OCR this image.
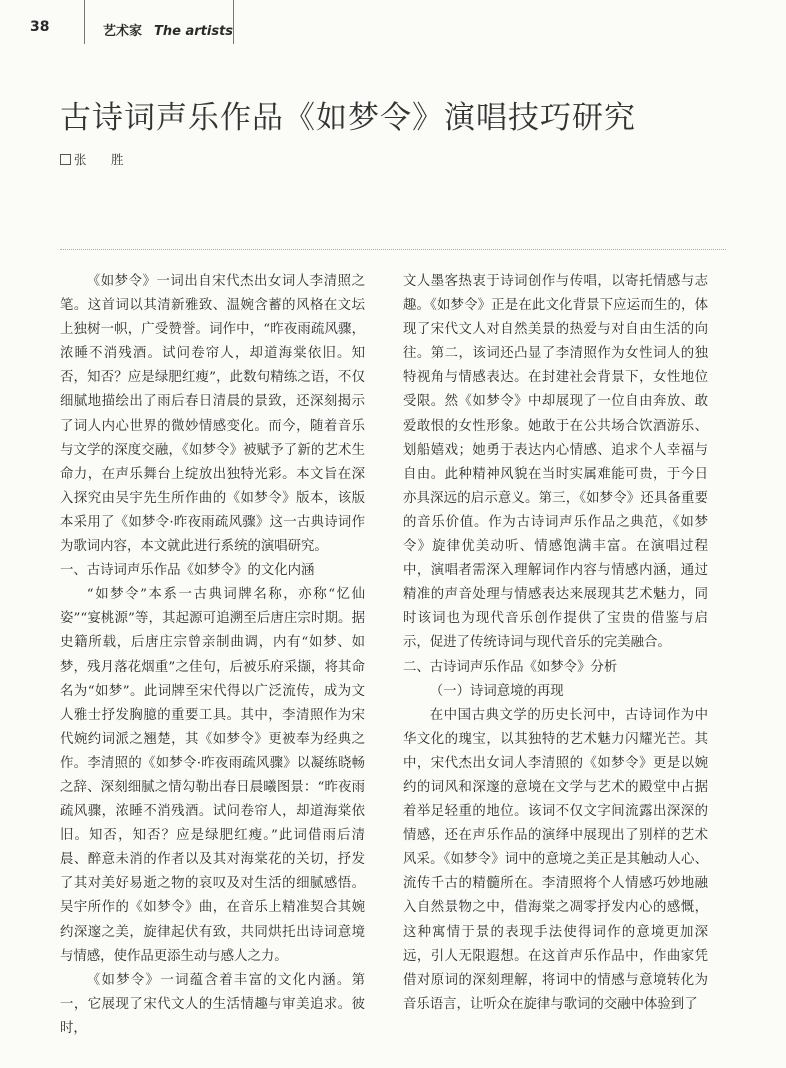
38	艺术家 The artists
古诗词声乐作品《如梦令》演唱技巧研究
张　胜

《如梦令》一词出自宋代杰出女词人李清照之笔。这首词以其清新雅致、温婉含蓄的风格在文坛上独树一帜，广受赞誉。词作中，“昨夜雨疏风骤，浓睡不消残酒。试问卷帘人，却道海棠依旧。知否，知否？应是绿肥红瘦”，此数句精练之语，不仅细腻地描绘出了雨后春日清晨的景致，还深刻揭示了词人内心世界的微妙情感变化。而今，随着音乐与文学的深度交融，《如梦令》被赋予了新的艺术生命力，在声乐舞台上绽放出独特光彩。本文旨在深入探究由吴宇先生所作曲的《如梦令》版本，该版本采用了《如梦令·昨夜雨疏风骤》这一古典诗词作为歌词内容，本文就此进行系统的演唱研究。

一、古诗词声乐作品《如梦令》的文化内涵

“如梦令”本系一古典词牌名称，亦称“忆仙姿”“宴桃源”等，其起源可追溯至后唐庄宗时期。据史籍所载，后唐庄宗曾亲制曲调，内有“如梦、如梦，残月落花烟重”之佳句，后被乐府采撷，将其命名为“如梦”。此词牌至宋代得以广泛流传，成为文人雅士抒发胸臆的重要工具。其中，李清照作为宋代婉约词派之翘楚，其《如梦令》更被奉为经典之作。李清照的《如梦令·昨夜雨疏风骤》以凝练晓畅之辞、深刻细腻之情勾勒出春日晨曦图景：“昨夜雨疏风骤，浓睡不消残酒。试问卷帘人，却道海棠依旧。知否，知否？应是绿肥红瘦。”此词借雨后清晨、醉意未消的作者以及其对海棠花的关切，抒发了其对美好易逝之物的哀叹及对生活的细腻感悟。吴宇所作的《如梦令》曲，在音乐上精准契合其婉约深邃之美，旋律起伏有致，共同烘托出诗词意境与情感，使作品更添生动与感人之力。

《如梦令》一词蕴含着丰富的文化内涵。第一，它展现了宋代文人的生活情趣与审美追求。彼时，

文人墨客热衷于诗词创作与传唱，以寄托情感与志趣。《如梦令》正是在此文化背景下应运而生的，体现了宋代文人对自然美景的热爱与对自由生活的向往。第二，该词还凸显了李清照作为女性词人的独特视角与情感表达。在封建社会背景下，女性地位受限。然《如梦令》中却展现了一位自由奔放、敢爱敢恨的女性形象。她敢于在公共场合饮酒游乐、划船嬉戏；她勇于表达内心情感、追求个人幸福与自由。此种精神风貌在当时实属难能可贵，于今日亦具深远的启示意义。第三，《如梦令》还具备重要的音乐价值。作为古诗词声乐作品之典范，《如梦令》旋律优美动听、情感饱满丰富。在演唱过程中，演唱者需深入理解词作内容与情感内涵，通过精准的声音处理与情感表达来展现其艺术魅力，同时该词也为现代音乐创作提供了宝贵的借鉴与启示，促进了传统诗词与现代音乐的完美融合。

二、古诗词声乐作品《如梦令》分析

（一）诗词意境的再现

在中国古典文学的历史长河中，古诗词作为中华文化的瑰宝，以其独特的艺术魅力闪耀光芒。其中，宋代杰出女词人李清照的《如梦令》更是以婉约的词风和深邃的意境在文学与艺术的殿堂中占据着举足轻重的地位。该词不仅文字间流露出深深的情感，还在声乐作品的演绎中展现出了别样的艺术风采。《如梦令》词中的意境之美正是其触动人心、流传千古的精髓所在。李清照将个人情感巧妙地融入自然景物之中，借海棠之凋零抒发内心的感慨，这种寓情于景的表现手法使得词作的意境更加深远，引人无限遐想。在这首声乐作品中，作曲家凭借对原词的深刻理解，将词中的情感与意境转化为音乐语言，让听众在旋律与歌词的交融中体验到了
